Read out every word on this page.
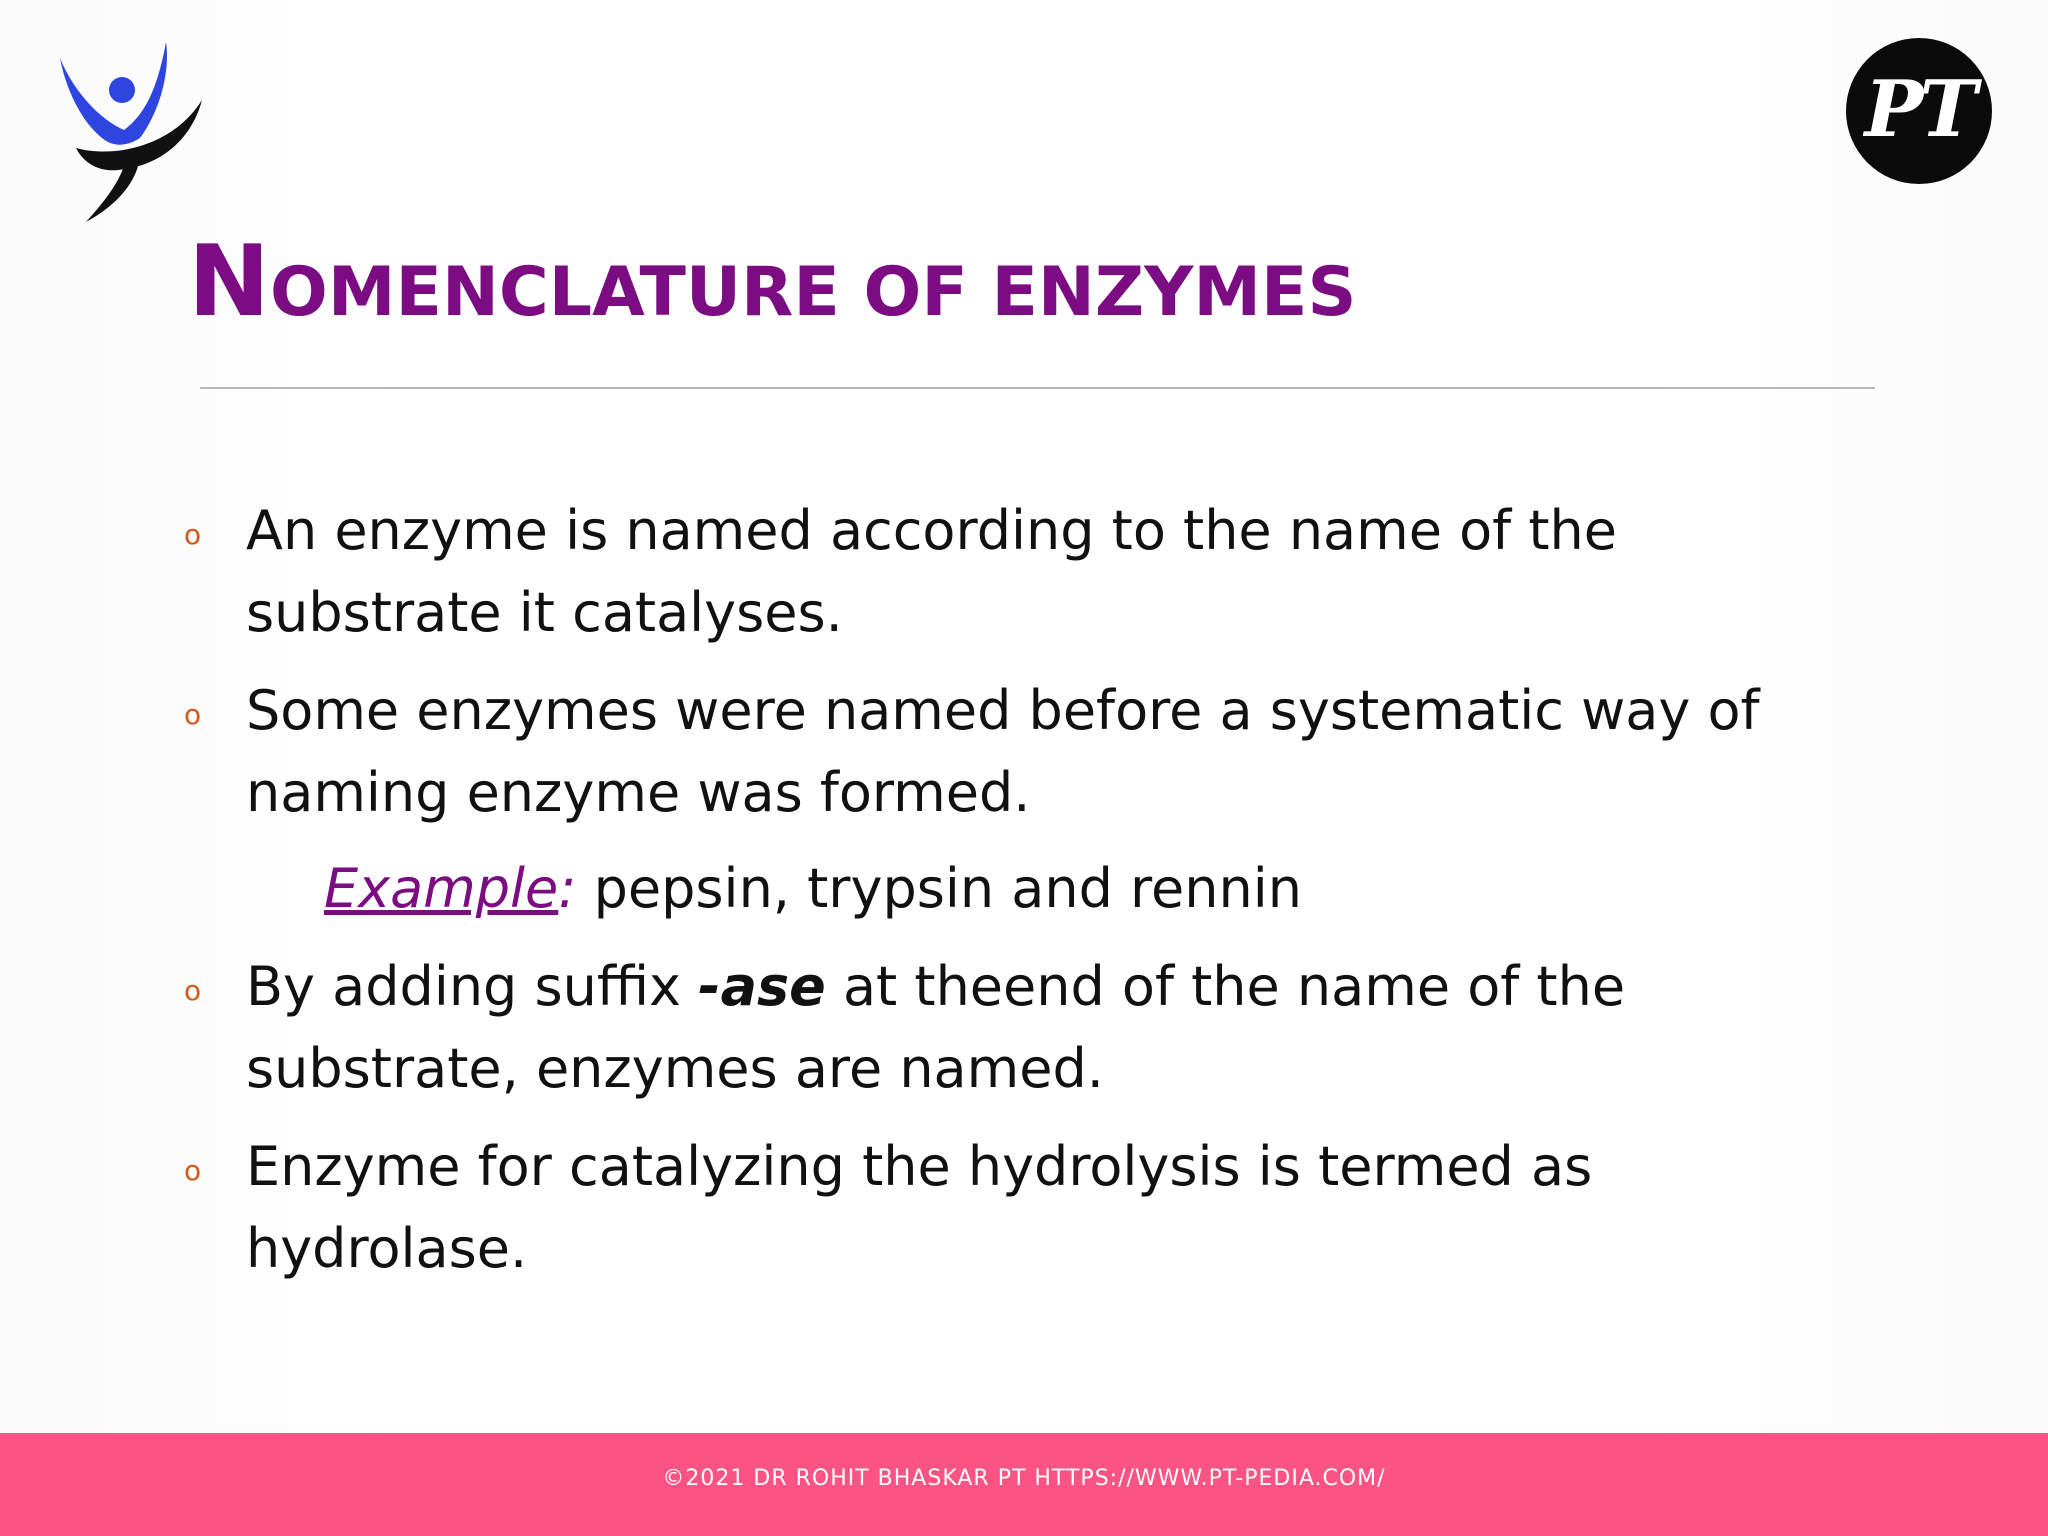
PT
NOMENCLATURE OF ENZYMES
o An enzyme is named according to the name of the
substrate it catalyses.
o Some enzymes were named before a systematic way of
naming enzyme was formed.
o By adding suffix -ase at theend of the name of the
substrate, enzymes are named.
o Enzyme for catalyzing the hydrolysis is termed as
hydrolase.
Example: pepsin, trypsin and rennin
©2021 DR ROHIT BHASKAR PT HTTPS://WWW.PT-PEDIA.COM/
